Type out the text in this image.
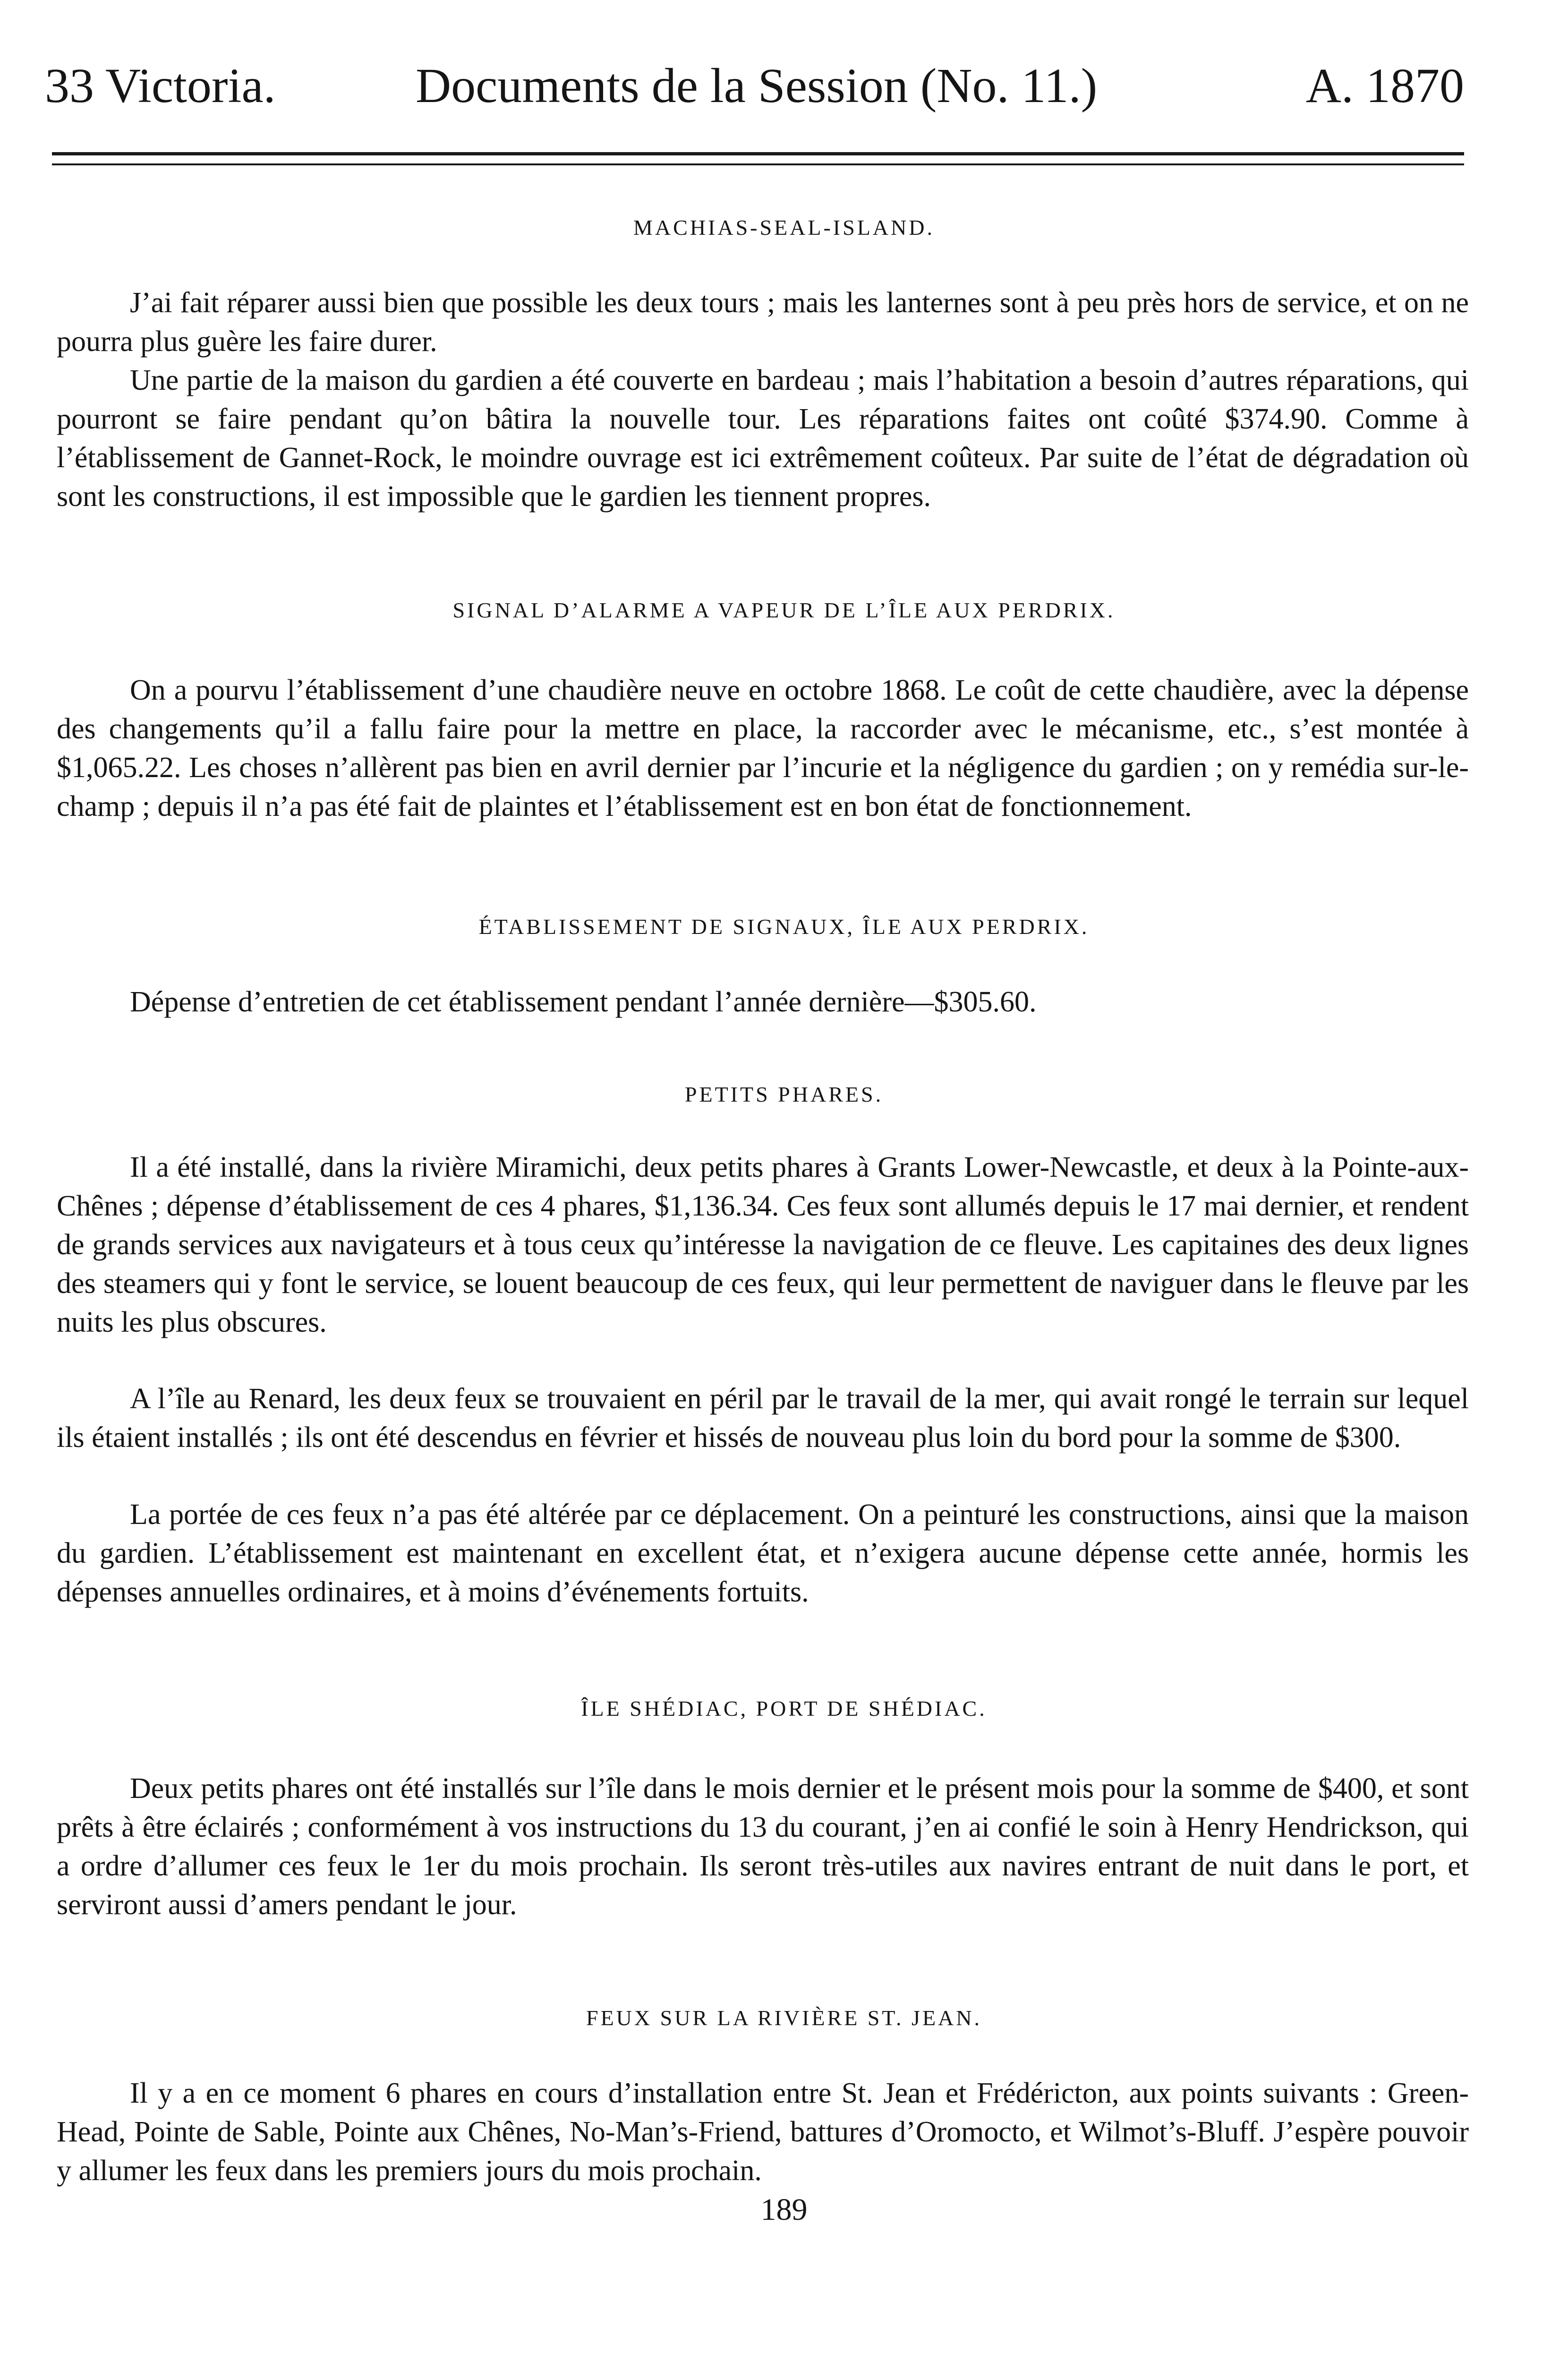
33 Victoria.	Documents de la Session (No. 11.)	A. 1870
MACHIAS-SEAL-ISLAND.

J’ai fait réparer aussi bien que possible les deux tours ; mais les lanternes sont à peu près hors de service, et on ne pourra plus guère les faire durer.

Une partie de la maison du gardien a été couverte en bardeau ; mais l’habitation a besoin d’autres réparations, qui pourront se faire pendant qu’on bâtira la nouvelle tour. Les réparations faites ont coûté $374.90. Comme à l’établissement de Gannet-Rock, le moindre ouvrage est ici extrêmement coûteux. Par suite de l’état de dégradation où sont les constructions, il est impossible que le gardien les tiennent propres.

SIGNAL D’ALARME A VAPEUR DE L’ÎLE AUX PERDRIX.

On a pourvu l’établissement d’une chaudière neuve en octobre 1868. Le coût de cette chaudière, avec la dépense des changements qu’il a fallu faire pour la mettre en place, la raccorder avec le mécanisme, etc., s’est montée à $1,065.22. Les choses n’allèrent pas bien en avril dernier par l’incurie et la négligence du gardien ; on y remédia sur-le-champ ; depuis il n’a pas été fait de plaintes et l’établissement est en bon état de fonctionnement.

ÉTABLISSEMENT DE SIGNAUX, ÎLE AUX PERDRIX.

Dépense d’entretien de cet établissement pendant l’année dernière—$305.60.

PETITS PHARES.

Il a été installé, dans la rivière Miramichi, deux petits phares à Grants Lower-Newcastle, et deux à la Pointe-aux-Chênes ; dépense d’établissement de ces 4 phares, $1,136.34. Ces feux sont allumés depuis le 17 mai dernier, et rendent de grands services aux navigateurs et à tous ceux qu’intéresse la navigation de ce fleuve. Les capitaines des deux lignes des steamers qui y font le service, se louent beaucoup de ces feux, qui leur permettent de naviguer dans le fleuve par les nuits les plus obscures.

A l’île au Renard, les deux feux se trouvaient en péril par le travail de la mer, qui avait rongé le terrain sur lequel ils étaient installés ; ils ont été descendus en février et hissés de nouveau plus loin du bord pour la somme de $300.

La portée de ces feux n’a pas été altérée par ce déplacement. On a peinturé les constructions, ainsi que la maison du gardien. L’établissement est maintenant en excellent état, et n’exigera aucune dépense cette année, hormis les dépenses annuelles ordinaires, et à moins d’événements fortuits.

ÎLE SHÉDIAC, PORT DE SHÉDIAC.

Deux petits phares ont été installés sur l’île dans le mois dernier et le présent mois pour la somme de $400, et sont prêts à être éclairés ; conformément à vos instructions du 13 du courant, j’en ai confié le soin à Henry Hendrickson, qui a ordre d’allumer ces feux le 1er du mois prochain. Ils seront très-utiles aux navires entrant de nuit dans le port, et serviront aussi d’amers pendant le jour.

FEUX SUR LA RIVIÈRE ST. JEAN.

Il y a en ce moment 6 phares en cours d’installation entre St. Jean et Frédéricton, aux points suivants : Green-Head, Pointe de Sable, Pointe aux Chênes, No-Man’s-Friend, battures d’Oromocto, et Wilmot’s-Bluff. J’espère pouvoir y allumer les feux dans les premiers jours du mois prochain.

189
